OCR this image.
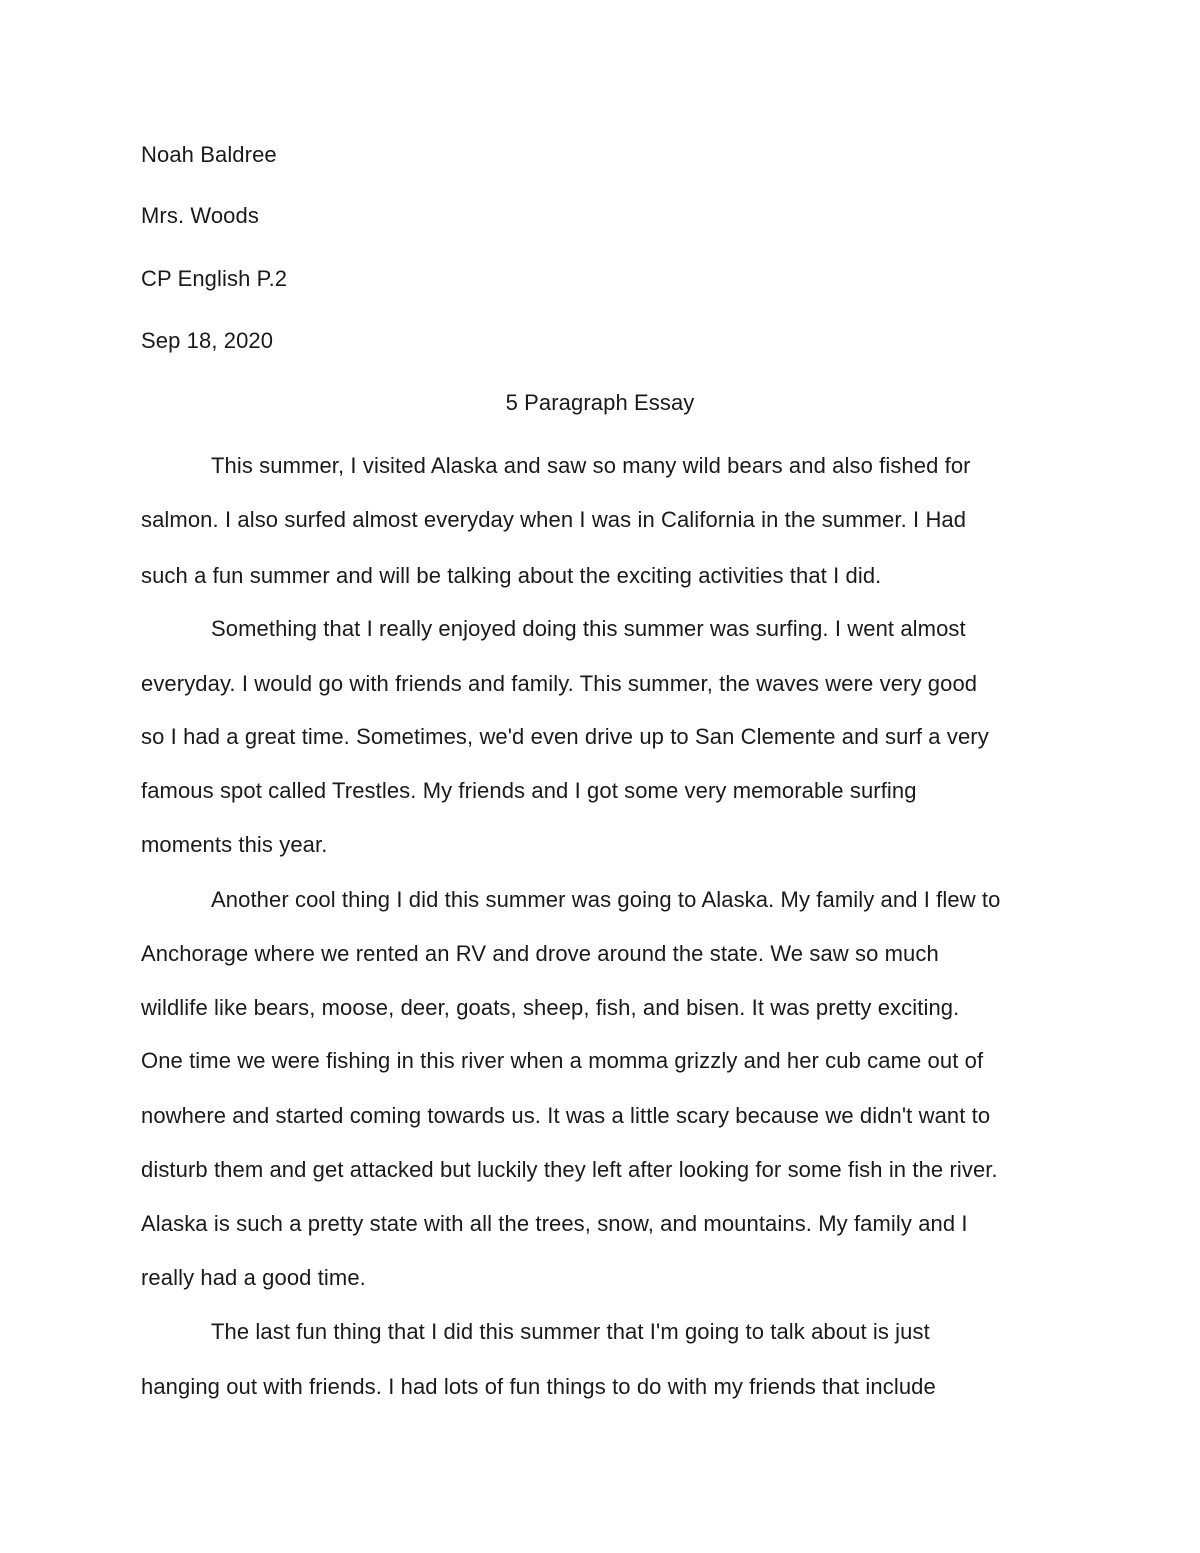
Noah Baldree
Mrs. Woods
CP English P.2
Sep 18, 2020
5 Paragraph Essay
This summer, I visited Alaska and saw so many wild bears and also fished for
salmon. I also surfed almost everyday when I was in California in the summer. I Had
such a fun summer and will be talking about the exciting activities that I did.
Something that I really enjoyed doing this summer was surfing. I went almost
everyday. I would go with friends and family. This summer, the waves were very good
so I had a great time. Sometimes, we'd even drive up to San Clemente and surf a very
famous spot called Trestles. My friends and I got some very memorable surfing
moments this year.
Another cool thing I did this summer was going to Alaska. My family and I flew to
Anchorage where we rented an RV and drove around the state. We saw so much
wildlife like bears, moose, deer, goats, sheep, fish, and bisen. It was pretty exciting.
One time we were fishing in this river when a momma grizzly and her cub came out of
nowhere and started coming towards us. It was a little scary because we didn't want to
disturb them and get attacked but luckily they left after looking for some fish in the river.
Alaska is such a pretty state with all the trees, snow, and mountains. My family and I
really had a good time.
The last fun thing that I did this summer that I'm going to talk about is just
hanging out with friends. I had lots of fun things to do with my friends that include
